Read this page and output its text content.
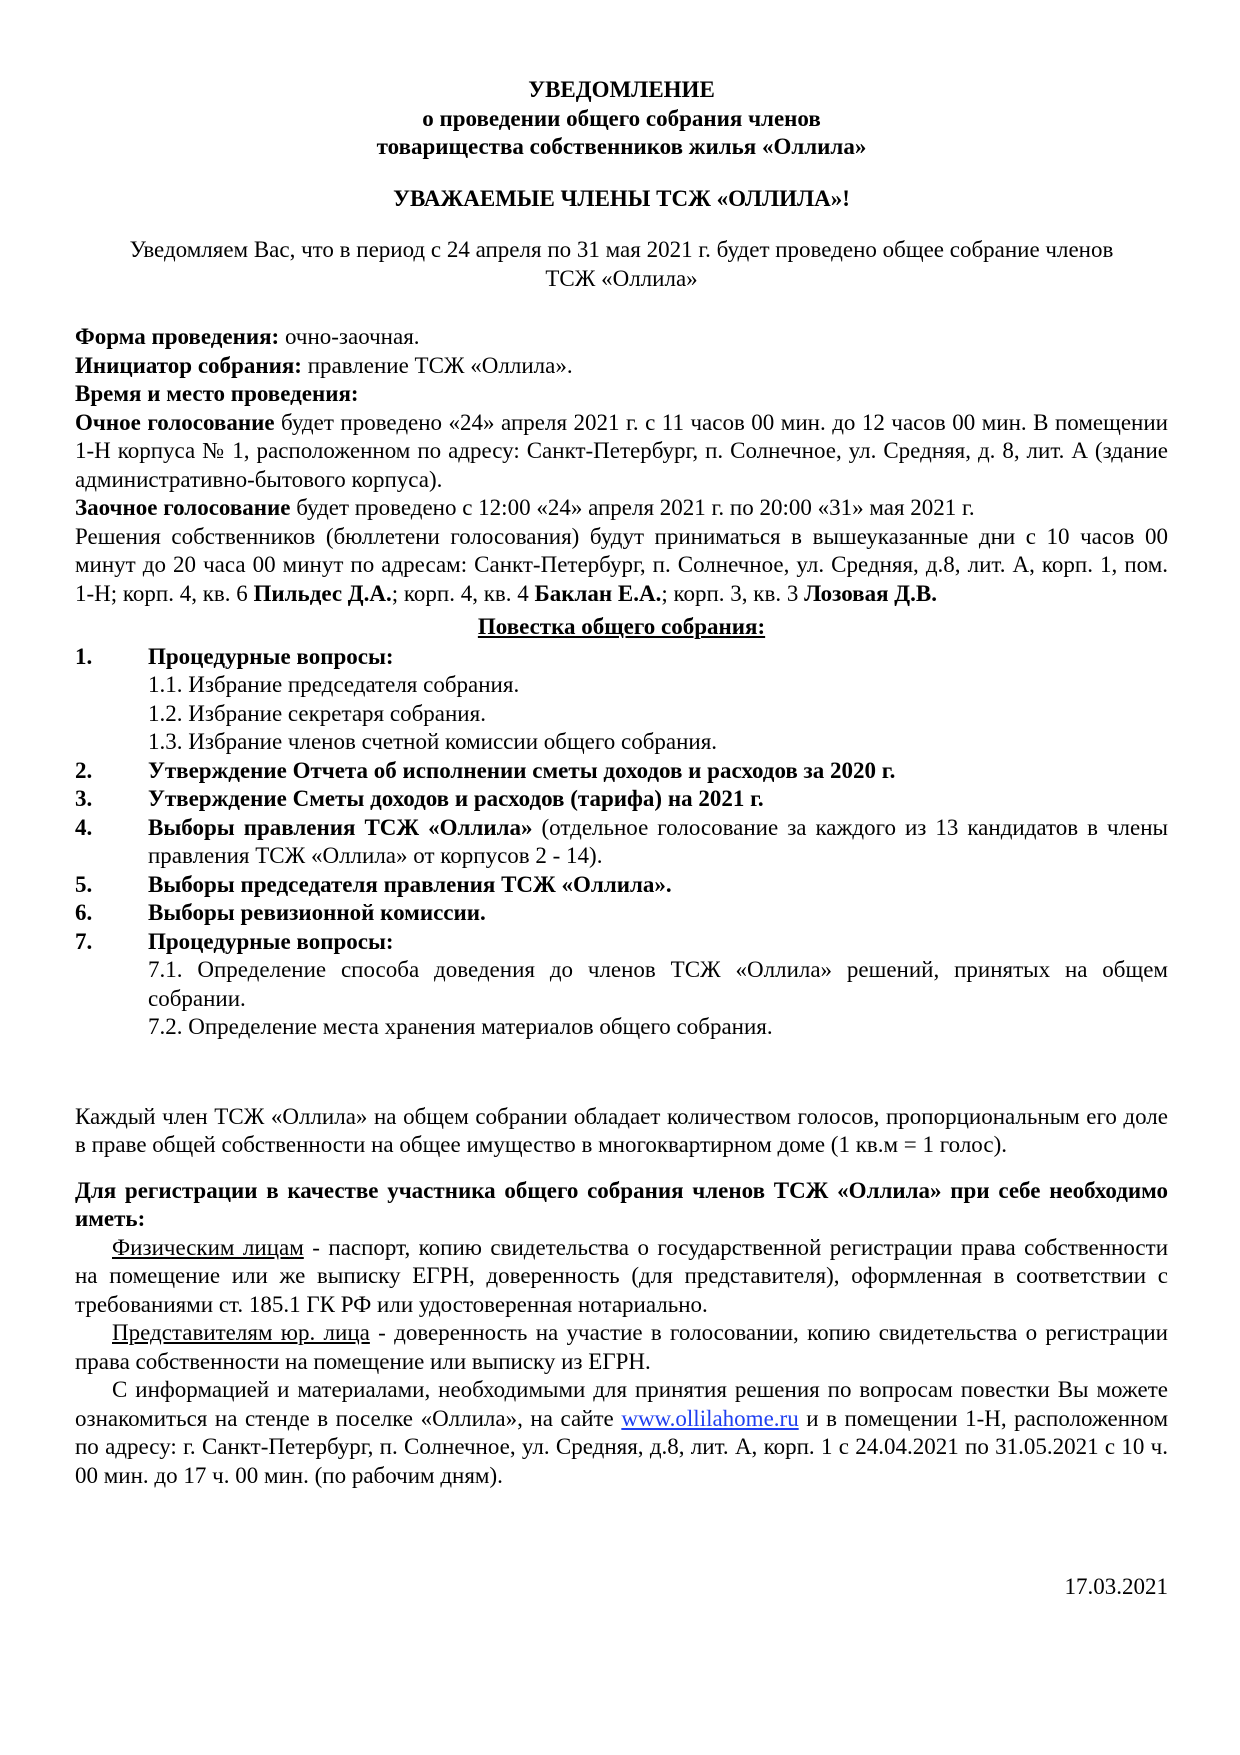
УВЕДОМЛЕНИЕ

о проведении общего собрания членов

товарищества собственников жилья «Оллила»

УВАЖАЕМЫЕ ЧЛЕНЫ ТСЖ «ОЛЛИЛА»!

Уведомляем Вас, что в период с 24 апреля по 31 мая 2021 г. будет проведено общее собрание членов

ТСЖ «Оллила»

Форма проведения: очно-заочная.

Инициатор собрания: правление ТСЖ «Оллила».

Время и место проведения:

Очное голосование будет проведено «24» апреля 2021 г. с 11 часов 00 мин. до 12 часов 00 мин. В помещении 1-Н корпуса № 1, расположенном по адресу: Санкт-Петербург, п. Солнечное, ул. Средняя, д. 8, лит. А (здание административно-бытового корпуса).

Заочное голосование будет проведено с 12:00 «24» апреля 2021 г. по 20:00 «31» мая 2021 г.

Решения собственников (бюллетени голосования) будут приниматься в вышеуказанные дни с 10 часов 00 минут до 20 часа 00 минут по адресам: Санкт-Петербург, п. Солнечное, ул. Средняя, д.8, лит. А, корп. 1, пом. 1-Н; корп. 4, кв. 6 Пильдес Д.А.; корп. 4, кв. 4 Баклан Е.А.; корп. 3, кв. 3 Лозовая Д.В.

Повестка общего собрания:

1.	Процедурные вопросы:

1.1. Избрание председателя собрания.

1.2. Избрание секретаря собрания.

1.3. Избрание членов счетной комиссии общего собрания.

2.	Утверждение Отчета об исполнении сметы доходов и расходов за 2020 г.
3.	Утверждение Сметы доходов и расходов (тарифа) на 2021 г.
4.	Выборы правления ТСЖ «Оллила» (отдельное голосование за каждого из 13 кандидатов в члены правления ТСЖ «Оллила» от корпусов 2 - 14).
5.	Выборы председателя правления ТСЖ «Оллила».
6.	Выборы ревизионной комиссии.
7.	Процедурные вопросы:

7.1. Определение способа доведения до членов ТСЖ «Оллила» решений, принятых на общем собрании.

7.2. Определение места хранения материалов общего собрания.

Каждый член ТСЖ «Оллила» на общем собрании обладает количеством голосов, пропорциональным его доле в праве общей собственности на общее имущество в многоквартирном доме (1 кв.м = 1 голос).

Для регистрации в качестве участника общего собрания членов ТСЖ «Оллила» при себе необходимо иметь:

Физическим лицам - паспорт, копию свидетельства о государственной регистрации права собственности на помещение или же выписку ЕГРН, доверенность (для представителя), оформленная в соответствии с требованиями ст. 185.1 ГК РФ или удостоверенная нотариально.

Представителям юр. лица - доверенность на участие в голосовании, копию свидетельства о регистрации права собственности на помещение или выписку из ЕГРН.

С информацией и материалами, необходимыми для принятия решения по вопросам повестки Вы можете ознакомиться на стенде в поселке «Оллила», на сайте www.ollilahome.ru и в помещении 1-Н, расположенном по адресу: г. Санкт-Петербург, п. Солнечное, ул. Средняя, д.8, лит. А, корп. 1 с 24.04.2021 по 31.05.2021 с 10 ч. 00 мин. до 17 ч. 00 мин. (по рабочим дням).

17.03.2021
